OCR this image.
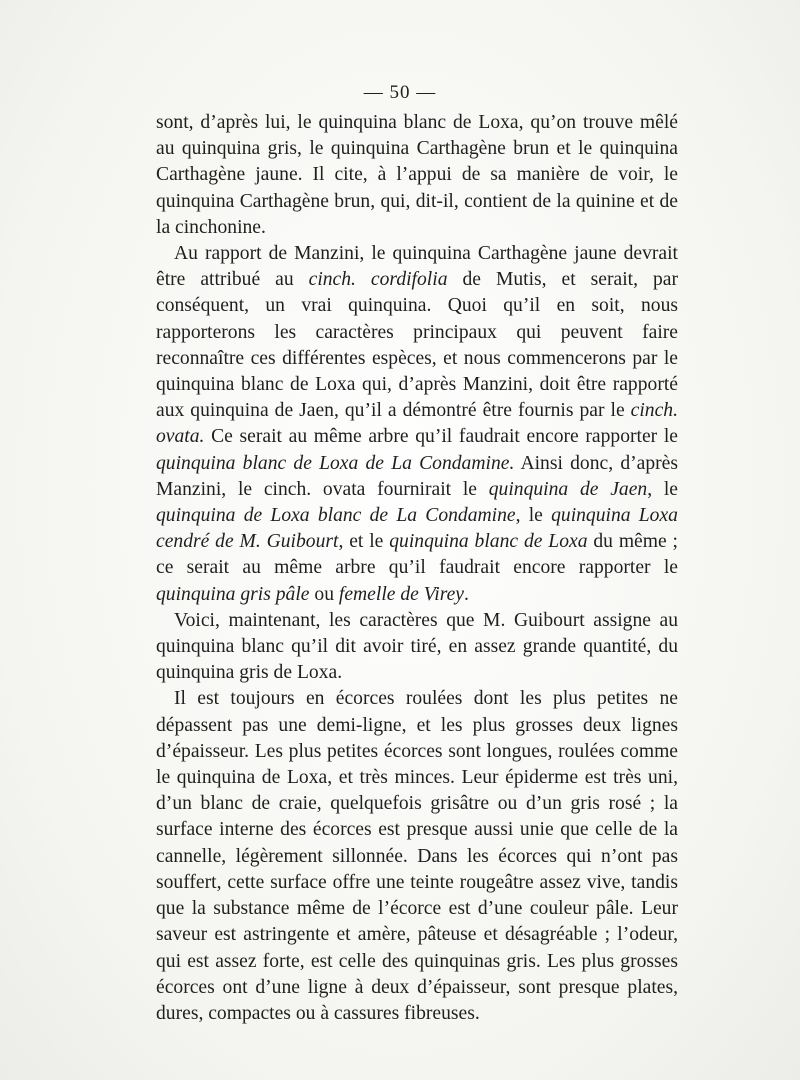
— 50 —

sont, d’après lui, le quinquina blanc de Loxa, qu’on trouve mêlé au quinquina gris, le quinquina Carthagène brun et le quinquina Carthagène jaune. Il cite, à l’appui de sa manière de voir, le quinquina Carthagène brun, qui, dit-il, contient de la quinine et de la cinchonine.

Au rapport de Manzini, le quinquina Carthagène jaune devrait être attribué au cinch. cordifolia de Mutis, et serait, par conséquent, un vrai quinquina. Quoi qu’il en soit, nous rapporterons les caractères principaux qui peuvent faire reconnaître ces différentes espèces, et nous commencerons par le quinquina blanc de Loxa qui, d’après Manzini, doit être rapporté aux quinquina de Jaen, qu’il a démontré être fournis par le cinch. ovata. Ce serait au même arbre qu’il faudrait encore rapporter le quinquina blanc de Loxa de La Condamine. Ainsi donc, d’après Manzini, le cinch. ovata fournirait le quinquina de Jaen, le quinquina de Loxa blanc de La Condamine, le quinquina Loxa cendré de M. Guibourt, et le quinquina blanc de Loxa du même ; ce serait au même arbre qu’il faudrait encore rapporter le quinquina gris pâle ou femelle de Virey.

Voici, maintenant, les caractères que M. Guibourt assigne au quinquina blanc qu’il dit avoir tiré, en assez grande quantité, du quinquina gris de Loxa.

Il est toujours en écorces roulées dont les plus petites ne dépassent pas une demi-ligne, et les plus grosses deux lignes d’épaisseur. Les plus petites écorces sont longues, roulées comme le quinquina de Loxa, et très minces. Leur épiderme est très uni, d’un blanc de craie, quelquefois grisâtre ou d’un gris rosé ; la surface interne des écorces est presque aussi unie que celle de la cannelle, légèrement sillonnée. Dans les écorces qui n’ont pas souffert, cette surface offre une teinte rougeâtre assez vive, tandis que la substance même de l’écorce est d’une couleur pâle. Leur saveur est astringente et amère, pâteuse et désagréable ; l’odeur, qui est assez forte, est celle des quinquinas gris. Les plus grosses écorces ont d’une ligne à deux d’épaisseur, sont presque plates, dures, compactes ou à cassures fibreuses.
